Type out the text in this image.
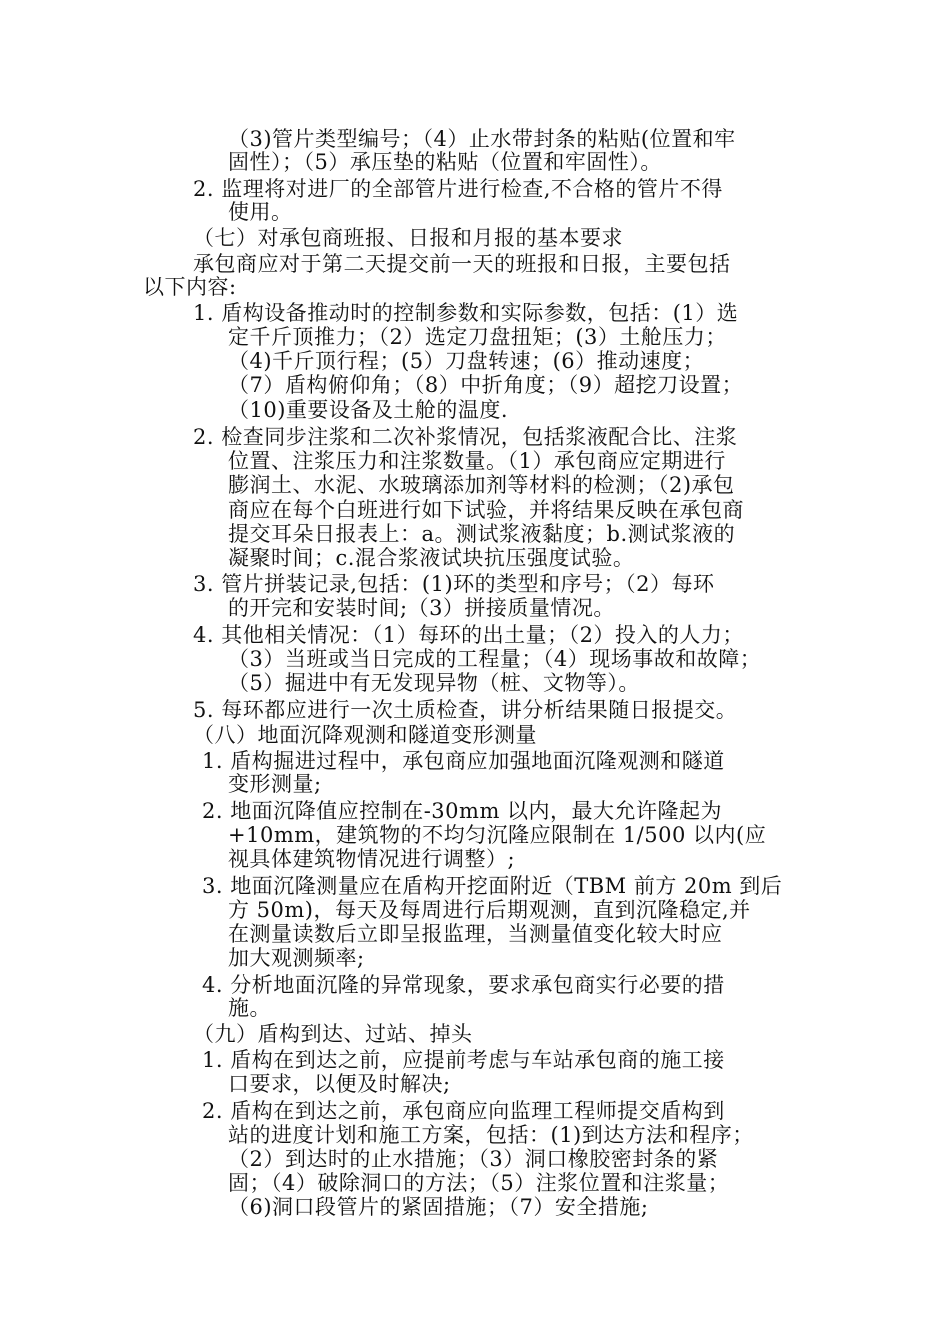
（3)管片类型编号；（4）止水带封条的粘贴(位置和牢
固性）；（5）承压垫的粘贴（位置和牢固性）。
2. 监理将对进厂的全部管片进行检查,不合格的管片不得
使用。
（七）对承包商班报、日报和月报的基本要求
承包商应对于第二天提交前一天的班报和日报，主要包括
以下内容:
1. 盾构设备推动时的控制参数和实际参数，包括：(1）选
定千斤顶推力；（2）选定刀盘扭矩；(3）土舱压力；
（4)千斤顶行程；(5）刀盘转速；(6）推动速度；
（7）盾构俯仰角；（8）中折角度；（9）超挖刀设置；
（10)重要设备及土舱的温度.
2. 检查同步注浆和二次补浆情况，包括浆液配合比、注浆
位置、注浆压力和注浆数量。（1）承包商应定期进行
膨润土、水泥、水玻璃添加剂等材料的检测；（2)承包
商应在每个白班进行如下试验，并将结果反映在承包商
提交耳朵日报表上：a。测试浆液黏度；b.测试浆液的
凝聚时间；c.混合浆液试块抗压强度试验。
3. 管片拼装记录,包括：(1)环的类型和序号；（2）每环
的开完和安装时间;（3）拼接质量情况。
4. 其他相关情况：（1）每环的出土量；（2）投入的人力；
（3）当班或当日完成的工程量；（4）现场事故和故障；
（5）掘进中有无发现异物（桩、文物等）。
5. 每环都应进行一次土质检查，讲分析结果随日报提交。
（八）地面沉降观测和隧道变形测量
1. 盾构掘进过程中，承包商应加强地面沉隆观测和隧道
变形测量;
2. 地面沉降值应控制在-30mm 以内，最大允许隆起为
+10mm，建筑物的不均匀沉隆应限制在 1/500 以内(应
视具体建筑物情况进行调整）;
3. 地面沉隆测量应在盾构开挖面附近（TBM 前方 20m 到后
方 50m)，每天及每周进行后期观测，直到沉隆稳定,并
在测量读数后立即呈报监理，当测量值变化较大时应
加大观测频率;
4. 分析地面沉隆的异常现象，要求承包商实行必要的措
施。
（九）盾构到达、过站、掉头
1. 盾构在到达之前，应提前考虑与车站承包商的施工接
口要求，以便及时解决;
2. 盾构在到达之前，承包商应向监理工程师提交盾构到
站的进度计划和施工方案，包括：(1)到达方法和程序；
（2）到达时的止水措施；（3）洞口橡胶密封条的紧
固；（4）破除洞口的方法；（5）注浆位置和注浆量；
（6)洞口段管片的紧固措施；（7）安全措施;
